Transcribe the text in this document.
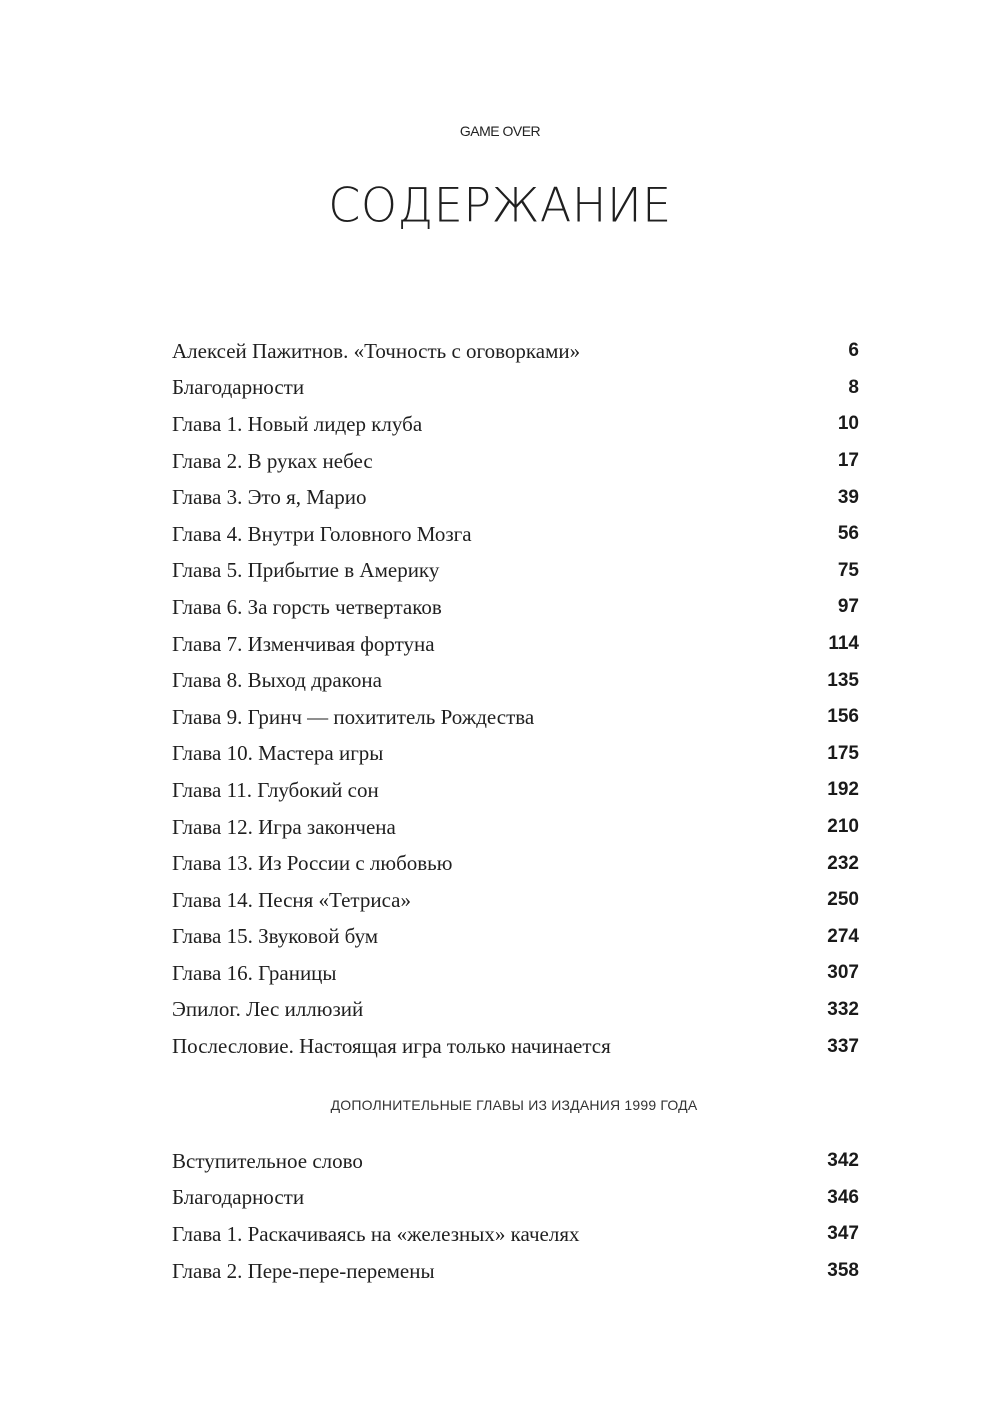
GAME OVER
СОДЕРЖАНИЕ
Алексей Пажитнов. «Точность с оговорками»	6
Благодарности	8
Глава 1. Новый лидер клуба	10
Глава 2. В руках небес	17
Глава 3. Это я, Марио	39
Глава 4. Внутри Головного Мозга	56
Глава 5. Прибытие в Америку	75
Глава 6. За горсть четвертаков	97
Глава 7. Изменчивая фортуна	114
Глава 8. Выход дракона	135
Глава 9. Гринч — похититель Рождества	156
Глава 10. Мастера игры	175
Глава 11. Глубокий сон	192
Глава 12. Игра закончена	210
Глава 13. Из России с любовью	232
Глава 14. Песня «Тетриса»	250
Глава 15. Звуковой бум	274
Глава 16. Границы	307
Эпилог. Лес иллюзий	332
Послесловие. Настоящая игра только начинается	337
ДОПОЛНИТЕЛЬНЫЕ ГЛАВЫ ИЗ ИЗДАНИЯ 1999 ГОДА
Вступительное слово	342
Благодарности	346
Глава 1. Раскачиваясь на «железных» качелях	347
Глава 2. Пере-пере-перемены	358
